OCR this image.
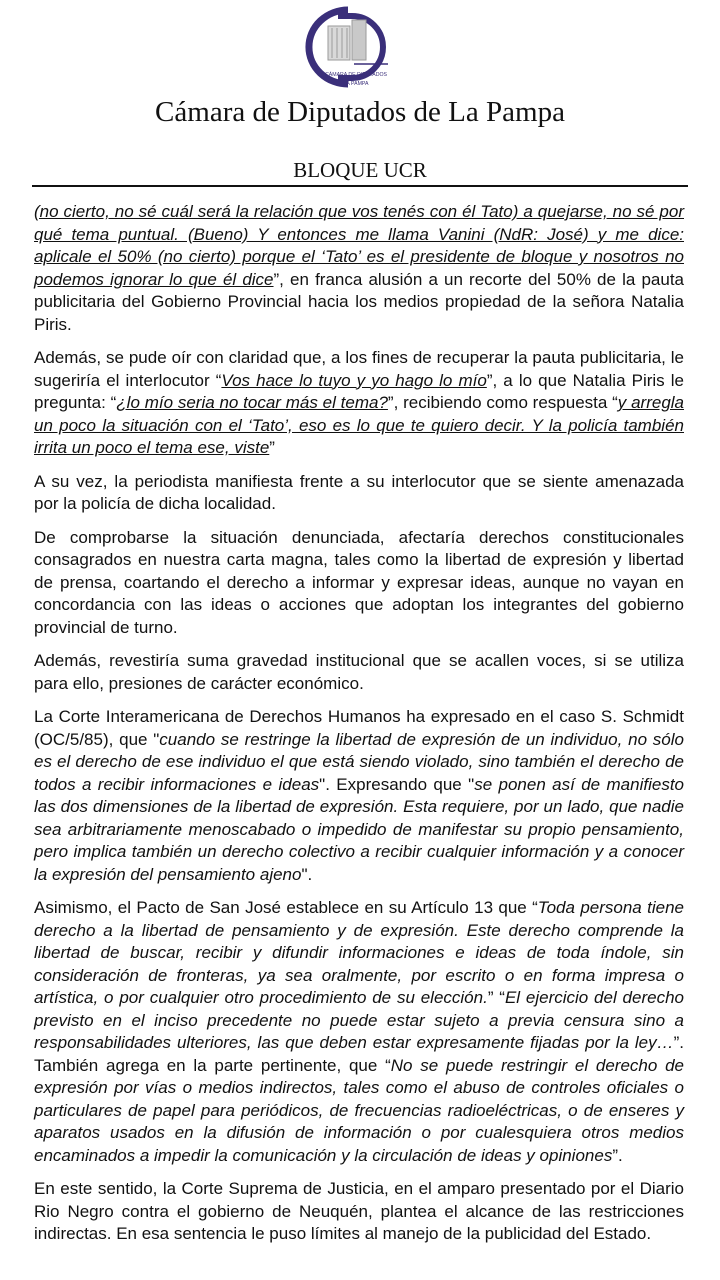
CÁMARA DE DIPUTADOS
LA PAMPA
Cámara de Diputados de La Pampa
BLOQUE UCR

(no cierto, no sé cuál será la relación que vos tenés con él Tato) a quejarse, no sé por qué tema puntual. (Bueno) Y entonces me llama Vanini (NdR: José) y me dice: aplicale el 50% (no cierto) porque el ‘Tato’ es el presidente de bloque y nosotros no podemos ignorar lo que él dice”, en franca alusión a un recorte del 50% de la pauta publicitaria del Gobierno Provincial hacia los medios propiedad de la señora Natalia Piris.

Además, se pude oír con claridad que, a los fines de recuperar la pauta publicitaria, le sugeriría el interlocutor “Vos hace lo tuyo y yo hago lo mío”, a lo que Natalia Piris le pregunta: “¿lo mío seria no tocar más el tema?”, recibiendo como respuesta “y arregla un poco la situación con el ‘Tato’, eso es lo que te quiero decir. Y la policía también irrita un poco el tema ese, viste”

A su vez, la periodista manifiesta frente a su interlocutor que se siente amenazada por la policía de dicha localidad.

De comprobarse la situación denunciada, afectaría derechos constitucionales consagrados en nuestra carta magna, tales como la libertad de expresión y libertad de prensa, coartando el derecho a informar y expresar ideas, aunque no vayan en concordancia con las ideas o acciones que adoptan los integrantes del gobierno provincial de turno.

Además, revestiría suma gravedad institucional que se acallen voces, si se utiliza para ello, presiones de carácter económico.

La Corte Interamericana de Derechos Humanos ha expresado en el caso S. Schmidt (OC/5/85), que "cuando se restringe la libertad de expresión de un individuo, no sólo es el derecho de ese individuo el que está siendo violado, sino también el derecho de todos a recibir informaciones e ideas". Expresando que "se ponen así de manifiesto las dos dimensiones de la libertad de expresión. Esta requiere, por un lado, que nadie sea arbitrariamente menoscabado o impedido de manifestar su propio pensamiento, pero implica también un derecho colectivo a recibir cualquier información y a conocer la expresión del pensamiento ajeno".

Asimismo, el Pacto de San José establece en su Artículo 13 que “Toda persona tiene derecho a la libertad de pensamiento y de expresión. Este derecho comprende la libertad de buscar, recibir y difundir informaciones e ideas de toda índole, sin consideración de fronteras, ya sea oralmente, por escrito o en forma impresa o artística, o por cualquier otro procedimiento de su elección.” “El ejercicio del derecho previsto en el inciso precedente no puede estar sujeto a previa censura sino a responsabilidades ulteriores, las que deben estar expresamente fijadas por la ley…”. También agrega en la parte pertinente, que “No se puede restringir el derecho de expresión por vías o medios indirectos, tales como el abuso de controles oficiales o particulares de papel para periódicos, de frecuencias radioeléctricas, o de enseres y aparatos usados en la difusión de información o por cualesquiera otros medios encaminados a impedir la comunicación y la circulación de ideas y opiniones”.

En este sentido, la Corte Suprema de Justicia, en el amparo presentado por el Diario Rio Negro contra el gobierno de Neuquén, plantea el alcance de las restricciones indirectas. En esa sentencia le puso límites al manejo de la publicidad del Estado.
